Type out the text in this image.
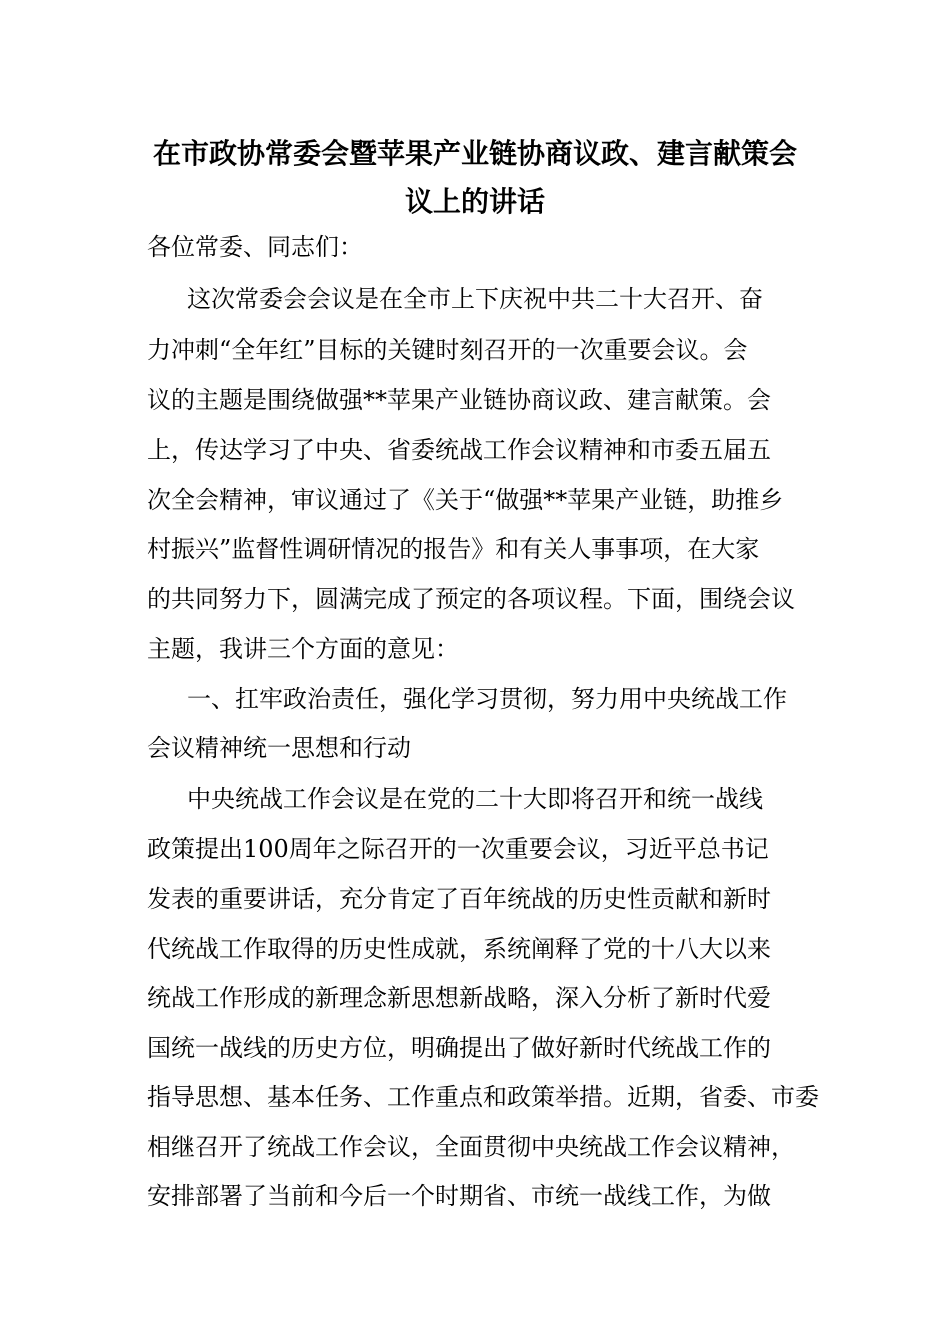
在市政协常委会暨苹果产业链协商议政、建言献策会
议上的讲话
各位常委、同志们：
这次常委会会议是在全市上下庆祝中共二十大召开、奋
力冲刺“全年红”目标的关键时刻召开的一次重要会议。会
议的主题是围绕做强**苹果产业链协商议政、建言献策。会
上，传达学习了中央、省委统战工作会议精神和市委五届五
次全会精神，审议通过了《关于“做强**苹果产业链，助推乡
村振兴”监督性调研情况的报告》和有关人事事项，在大家
的共同努力下，圆满完成了预定的各项议程。下面，围绕会议
主题，我讲三个方面的意见：
一、扛牢政治责任，强化学习贯彻，努力用中央统战工作
会议精神统一思想和行动
中央统战工作会议是在党的二十大即将召开和统一战线
政策提出100周年之际召开的一次重要会议，习近平总书记
发表的重要讲话，充分肯定了百年统战的历史性贡献和新时
代统战工作取得的历史性成就，系统阐释了党的十八大以来
统战工作形成的新理念新思想新战略，深入分析了新时代爱
国统一战线的历史方位，明确提出了做好新时代统战工作的
指导思想、基本任务、工作重点和政策举措。近期，省委、市委
相继召开了统战工作会议，全面贯彻中央统战工作会议精神，
安排部署了当前和今后一个时期省、市统一战线工作，为做
